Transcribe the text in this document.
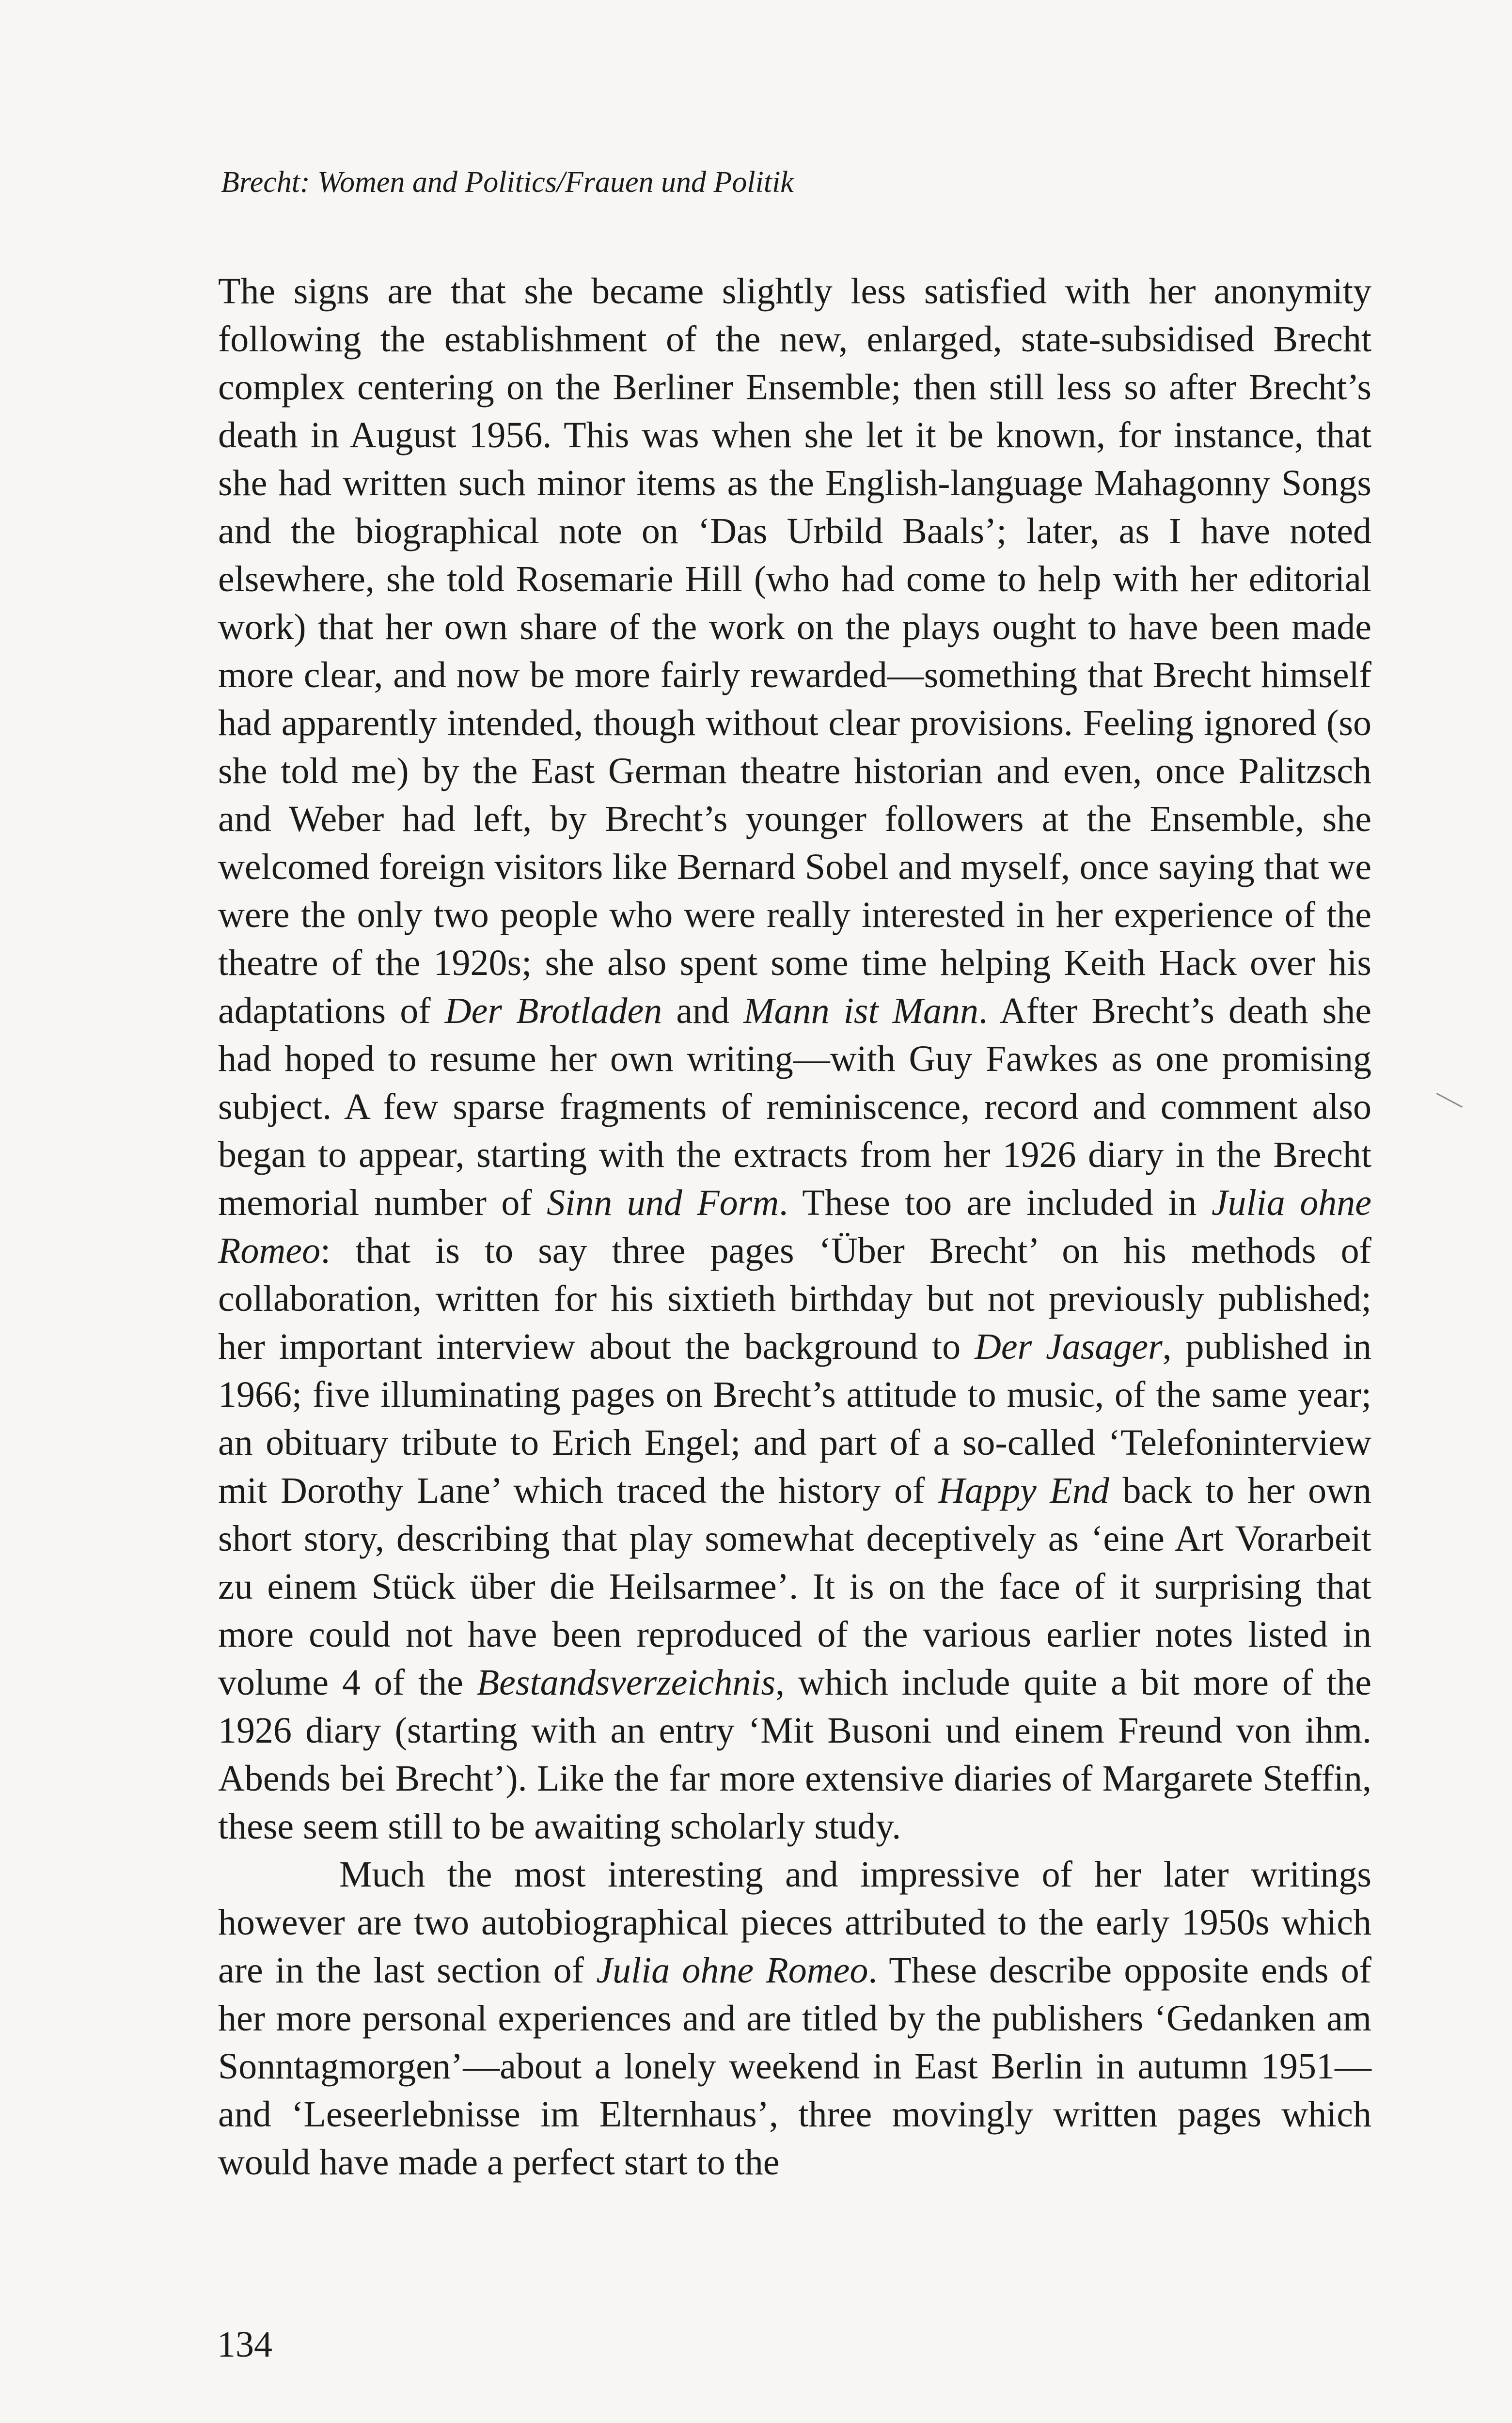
Brecht: Women and Politics/Frauen und Politik

The signs are that she became slightly less satisfied with her anonymity following the establishment of the new, enlarged, state-subsidised Brecht complex centering on the Berliner Ensemble; then still less so after Brecht’s death in August 1956. This was when she let it be known, for instance, that she had written such minor items as the English-language Mahagonny Songs and the biographical note on ‘Das Urbild Baals’; later, as I have noted elsewhere, she told Rosemarie Hill (who had come to help with her editorial work) that her own share of the work on the plays ought to have been made more clear, and now be more fairly rewarded—something that Brecht himself had apparently intended, though without clear provisions. Feeling ignored (so she told me) by the East German theatre historian and even, once Palitzsch and Weber had left, by Brecht’s younger followers at the Ensemble, she welcomed foreign visitors like Bernard Sobel and myself, once saying that we were the only two people who were really interested in her experience of the theatre of the 1920s; she also spent some time helping Keith Hack over his adaptations of Der Brotladen and Mann ist Mann. After Brecht’s death she had hoped to resume her own writing—with Guy Fawkes as one promising subject. A few sparse fragments of reminiscence, record and comment also began to appear, starting with the extracts from her 1926 diary in the Brecht memorial number of Sinn und Form. These too are included in Julia ohne Romeo: that is to say three pages ‘Über Brecht’ on his methods of collaboration, written for his sixtieth birthday but not previously published; her important interview about the background to Der Jasager, published in 1966; five illuminating pages on Brecht’s attitude to music, of the same year; an obituary tribute to Erich Engel; and part of a so-called ‘Telefoninterview mit Dorothy Lane’ which traced the history of Happy End back to her own short story, describing that play somewhat deceptively as ‘eine Art Vorarbeit zu einem Stück über die Heilsarmee’. It is on the face of it surprising that more could not have been reproduced of the various earlier notes listed in volume 4 of the Bestandsverzeichnis, which include quite a bit more of the 1926 diary (starting with an entry ‘Mit Busoni und einem Freund von ihm. Abends bei Brecht’). Like the far more extensive diaries of Margarete Steffin, these seem still to be awaiting scholarly study.

Much the most interesting and impressive of her later writings however are two autobiographical pieces attributed to the early 1950s which are in the last section of Julia ohne Romeo. These describe opposite ends of her more personal experiences and are titled by the publishers ‘Gedanken am Sonntagmorgen’—about a lonely weekend in East Berlin in autumn 1951—and ‘Leseerlebnisse im Elternhaus’, three movingly written pages which would have made a perfect start to the

134
